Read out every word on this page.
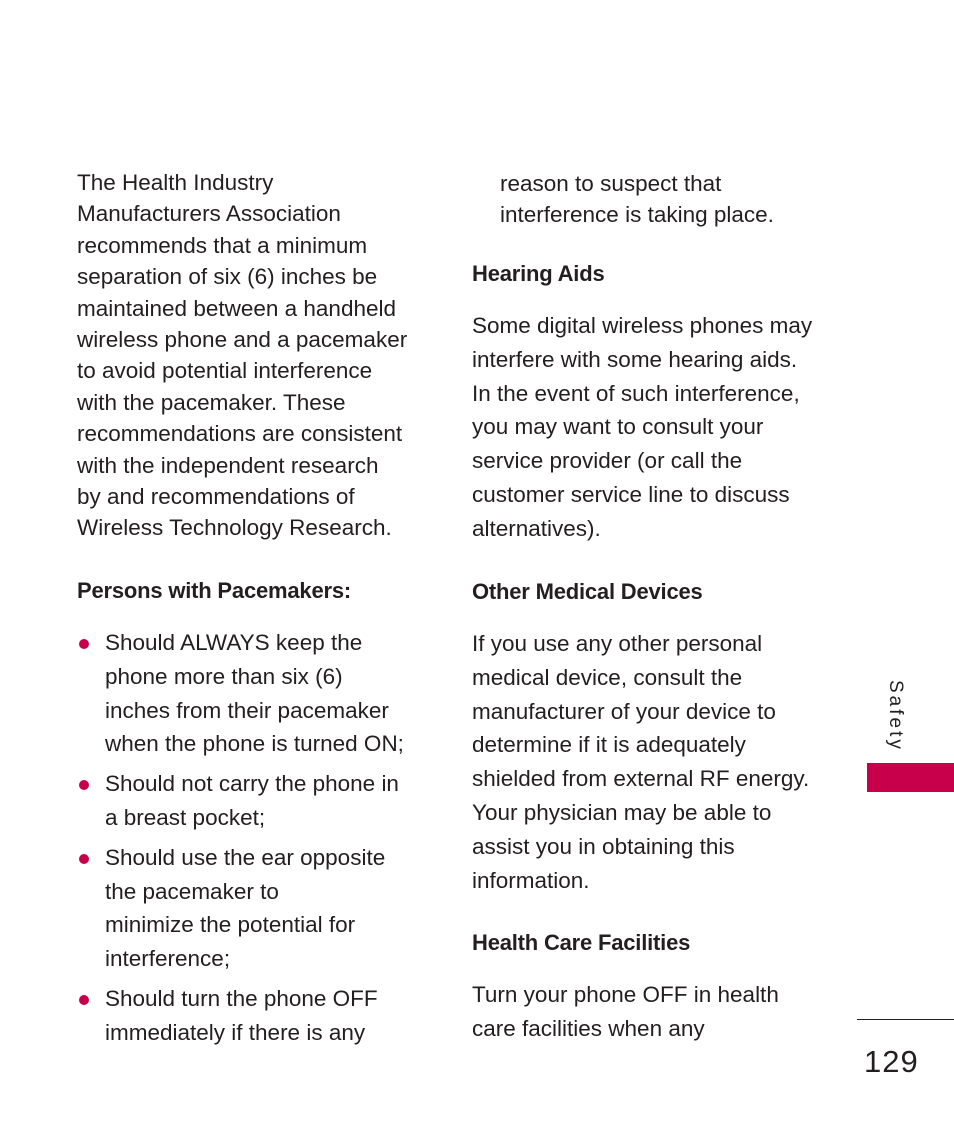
The Health Industry
Manufacturers Association
recommends that a minimum
separation of six (6) inches be
maintained between a handheld
wireless phone and a pacemaker
to avoid potential interference
with the pacemaker. These
recommendations are consistent
with the independent research
by and recommendations of
Wireless Technology Research.

Persons with Pacemakers:
Should ALWAYS keep the
phone more than six (6)
inches from their pacemaker
when the phone is turned ON;
Should not carry the phone in
a breast pocket;
Should use the ear opposite
the pacemaker to
minimize the potential for
interference;
Should turn the phone OFF
immediately if there is any

reason to suspect that
interference is taking place.

Hearing Aids

Some digital wireless phones may
interfere with some hearing aids.
In the event of such interference,
you may want to consult your
service provider (or call the
customer service line to discuss
alternatives).

Other Medical Devices

If you use any other personal
medical device, consult the
manufacturer of your device to
determine if it is adequately
shielded from external RF energy.
Your physician may be able to
assist you in obtaining this
information.

Health Care Facilities

Turn your phone OFF in health
care facilities when any

Safety
129
